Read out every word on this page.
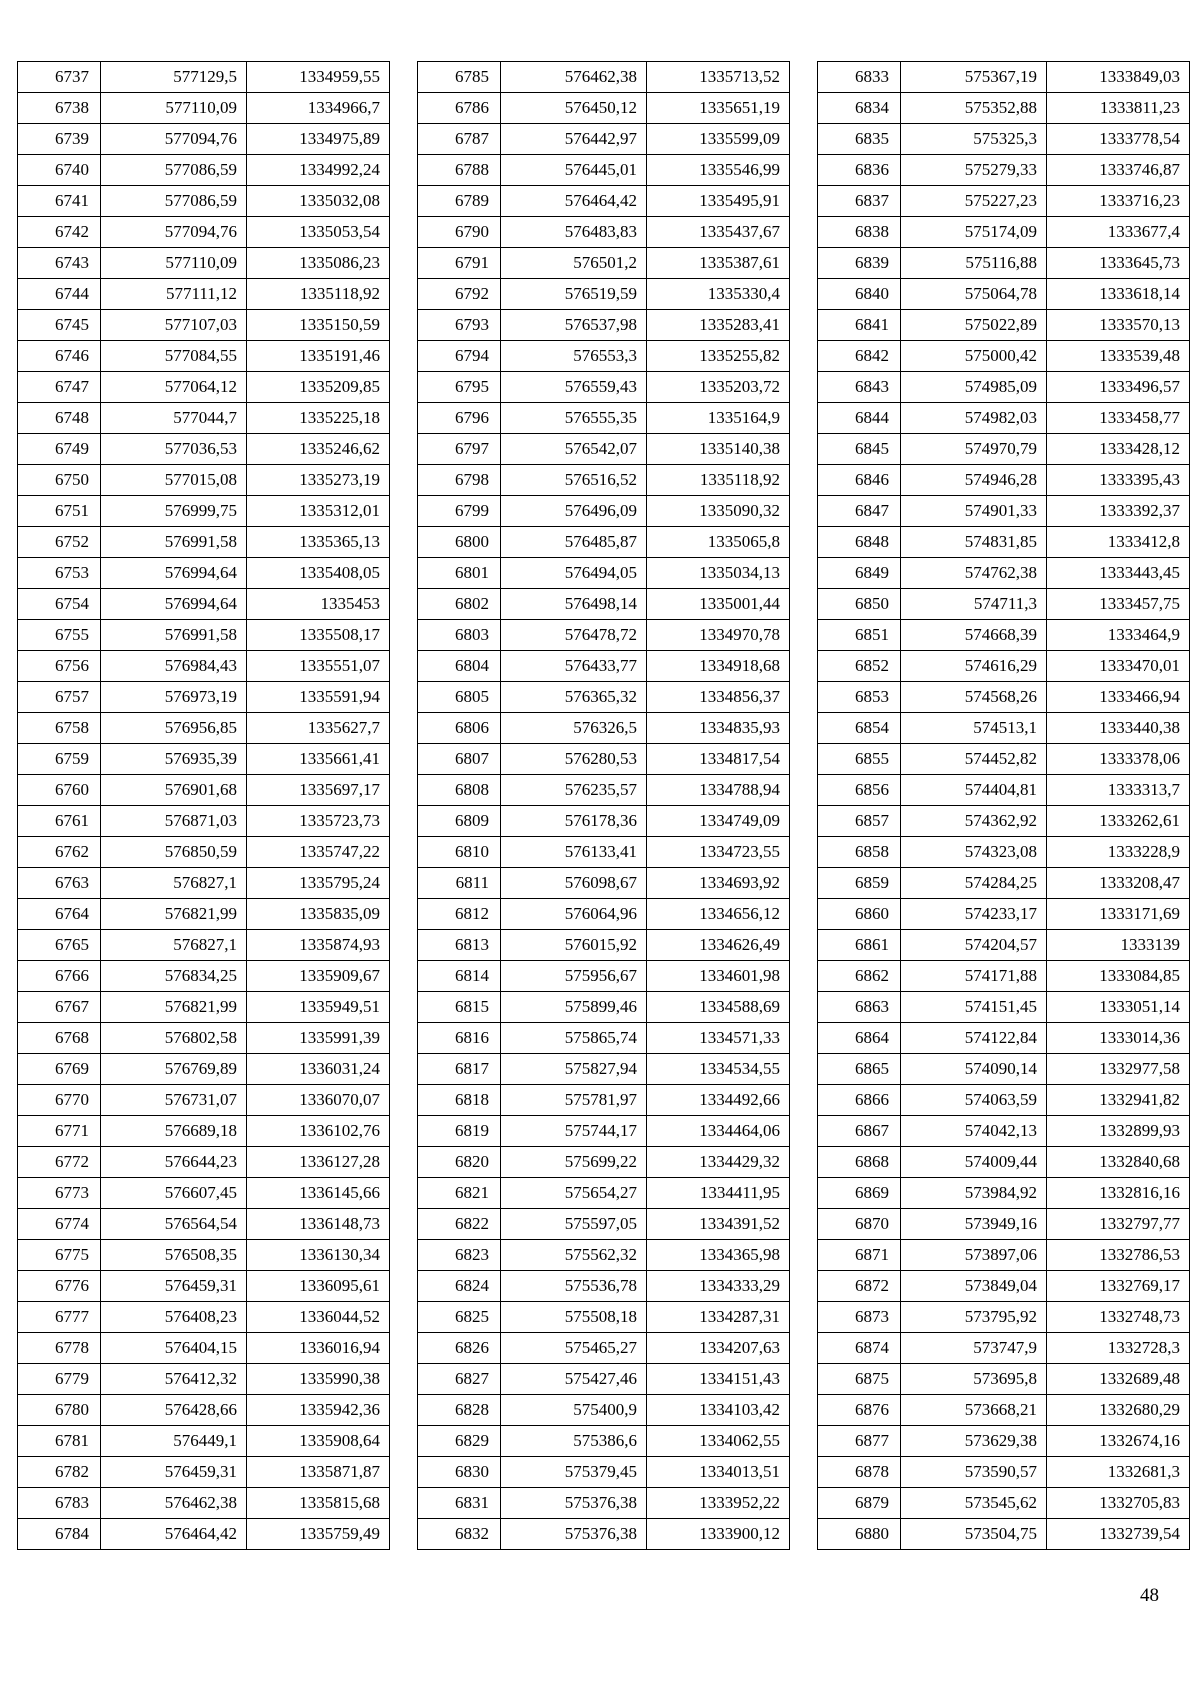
6737	577129,5	1334959,55
6738	577110,09	1334966,7
6739	577094,76	1334975,89
6740	577086,59	1334992,24
6741	577086,59	1335032,08
6742	577094,76	1335053,54
6743	577110,09	1335086,23
6744	577111,12	1335118,92
6745	577107,03	1335150,59
6746	577084,55	1335191,46
6747	577064,12	1335209,85
6748	577044,7	1335225,18
6749	577036,53	1335246,62
6750	577015,08	1335273,19
6751	576999,75	1335312,01
6752	576991,58	1335365,13
6753	576994,64	1335408,05
6754	576994,64	1335453
6755	576991,58	1335508,17
6756	576984,43	1335551,07
6757	576973,19	1335591,94
6758	576956,85	1335627,7
6759	576935,39	1335661,41
6760	576901,68	1335697,17
6761	576871,03	1335723,73
6762	576850,59	1335747,22
6763	576827,1	1335795,24
6764	576821,99	1335835,09
6765	576827,1	1335874,93
6766	576834,25	1335909,67
6767	576821,99	1335949,51
6768	576802,58	1335991,39
6769	576769,89	1336031,24
6770	576731,07	1336070,07
6771	576689,18	1336102,76
6772	576644,23	1336127,28
6773	576607,45	1336145,66
6774	576564,54	1336148,73
6775	576508,35	1336130,34
6776	576459,31	1336095,61
6777	576408,23	1336044,52
6778	576404,15	1336016,94
6779	576412,32	1335990,38
6780	576428,66	1335942,36
6781	576449,1	1335908,64
6782	576459,31	1335871,87
6783	576462,38	1335815,68
6784	576464,42	1335759,49
6785	576462,38	1335713,52
6786	576450,12	1335651,19
6787	576442,97	1335599,09
6788	576445,01	1335546,99
6789	576464,42	1335495,91
6790	576483,83	1335437,67
6791	576501,2	1335387,61
6792	576519,59	1335330,4
6793	576537,98	1335283,41
6794	576553,3	1335255,82
6795	576559,43	1335203,72
6796	576555,35	1335164,9
6797	576542,07	1335140,38
6798	576516,52	1335118,92
6799	576496,09	1335090,32
6800	576485,87	1335065,8
6801	576494,05	1335034,13
6802	576498,14	1335001,44
6803	576478,72	1334970,78
6804	576433,77	1334918,68
6805	576365,32	1334856,37
6806	576326,5	1334835,93
6807	576280,53	1334817,54
6808	576235,57	1334788,94
6809	576178,36	1334749,09
6810	576133,41	1334723,55
6811	576098,67	1334693,92
6812	576064,96	1334656,12
6813	576015,92	1334626,49
6814	575956,67	1334601,98
6815	575899,46	1334588,69
6816	575865,74	1334571,33
6817	575827,94	1334534,55
6818	575781,97	1334492,66
6819	575744,17	1334464,06
6820	575699,22	1334429,32
6821	575654,27	1334411,95
6822	575597,05	1334391,52
6823	575562,32	1334365,98
6824	575536,78	1334333,29
6825	575508,18	1334287,31
6826	575465,27	1334207,63
6827	575427,46	1334151,43
6828	575400,9	1334103,42
6829	575386,6	1334062,55
6830	575379,45	1334013,51
6831	575376,38	1333952,22
6832	575376,38	1333900,12
6833	575367,19	1333849,03
6834	575352,88	1333811,23
6835	575325,3	1333778,54
6836	575279,33	1333746,87
6837	575227,23	1333716,23
6838	575174,09	1333677,4
6839	575116,88	1333645,73
6840	575064,78	1333618,14
6841	575022,89	1333570,13
6842	575000,42	1333539,48
6843	574985,09	1333496,57
6844	574982,03	1333458,77
6845	574970,79	1333428,12
6846	574946,28	1333395,43
6847	574901,33	1333392,37
6848	574831,85	1333412,8
6849	574762,38	1333443,45
6850	574711,3	1333457,75
6851	574668,39	1333464,9
6852	574616,29	1333470,01
6853	574568,26	1333466,94
6854	574513,1	1333440,38
6855	574452,82	1333378,06
6856	574404,81	1333313,7
6857	574362,92	1333262,61
6858	574323,08	1333228,9
6859	574284,25	1333208,47
6860	574233,17	1333171,69
6861	574204,57	1333139
6862	574171,88	1333084,85
6863	574151,45	1333051,14
6864	574122,84	1333014,36
6865	574090,14	1332977,58
6866	574063,59	1332941,82
6867	574042,13	1332899,93
6868	574009,44	1332840,68
6869	573984,92	1332816,16
6870	573949,16	1332797,77
6871	573897,06	1332786,53
6872	573849,04	1332769,17
6873	573795,92	1332748,73
6874	573747,9	1332728,3
6875	573695,8	1332689,48
6876	573668,21	1332680,29
6877	573629,38	1332674,16
6878	573590,57	1332681,3
6879	573545,62	1332705,83
6880	573504,75	1332739,54
48
